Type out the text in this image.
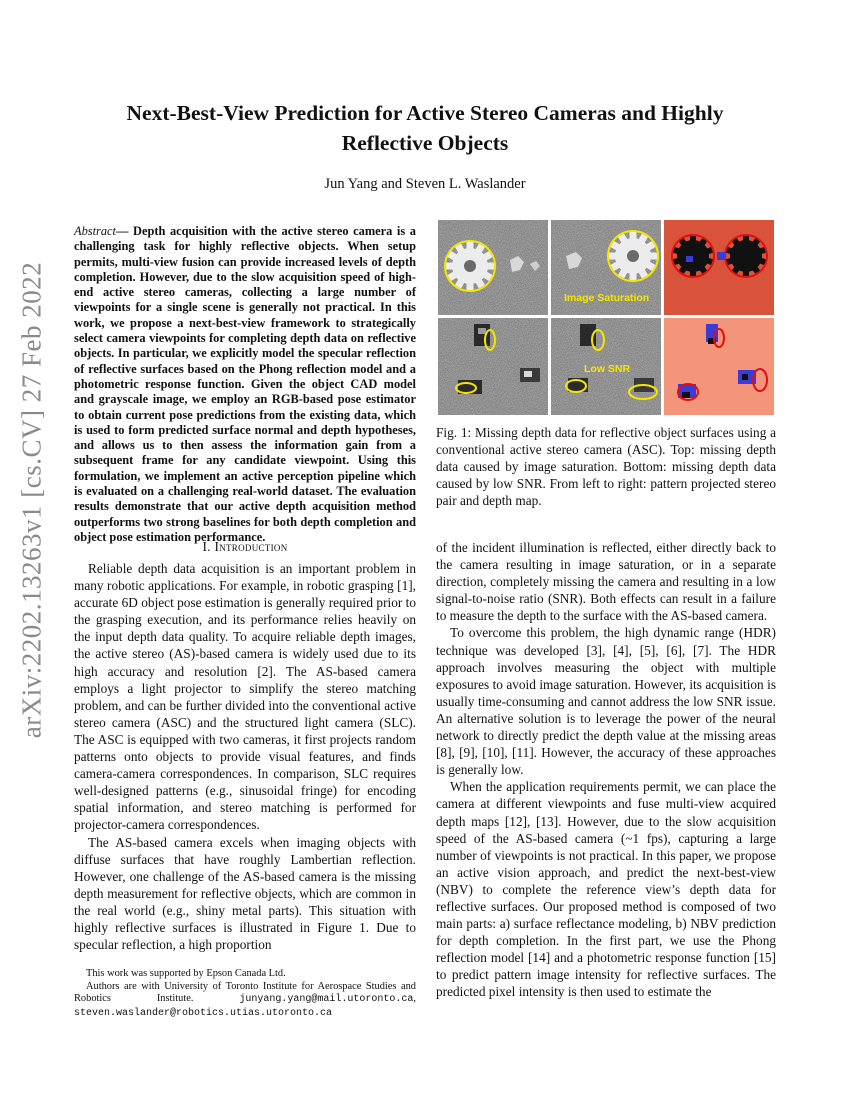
arXiv:2202.13263v1 [cs.CV] 27 Feb 2022
Next-Best-View Prediction for Active Stereo Cameras and Highly
Reflective Objects
Jun Yang and Steven L. Waslander
Abstract— Depth acquisition with the active stereo camera is a challenging task for highly reflective objects. When setup permits, multi-view fusion can provide increased levels of depth completion. However, due to the slow acquisition speed of high-end active stereo cameras, collecting a large number of viewpoints for a single scene is generally not practical. In this work, we propose a next-best-view framework to strategically select camera viewpoints for completing depth data on reflective objects. In particular, we explicitly model the specular reflection of reflective surfaces based on the Phong reflection model and a photometric response function. Given the object CAD model and grayscale image, we employ an RGB-based pose estimator to obtain current pose predictions from the existing data, which is used to form predicted surface normal and depth hypotheses, and allows us to then assess the information gain from a subsequent frame for any candidate viewpoint. Using this formulation, we implement an active perception pipeline which is evaluated on a challenging real-world dataset. The evaluation results demonstrate that our active depth acquisition method outperforms two strong baselines for both depth completion and object pose estimation performance.
I. Introduction

Reliable depth data acquisition is an important problem in many robotic applications. For example, in robotic grasping [1], accurate 6D object pose estimation is generally required prior to the grasping execution, and its performance relies heavily on the input depth data quality. To acquire reliable depth images, the active stereo (AS)-based camera is widely used due to its high accuracy and resolution [2]. The AS-based camera employs a light projector to simplify the stereo matching problem, and can be further divided into the conventional active stereo camera (ASC) and the structured light camera (SLC). The ASC is equipped with two cameras, it first projects random patterns onto objects to provide visual features, and finds camera-camera correspondences. In comparison, SLC requires well-designed patterns (e.g., sinusoidal fringe) for encoding spatial information, and stereo matching is performed for projector-camera correspondences.

The AS-based camera excels when imaging objects with diffuse surfaces that have roughly Lambertian reflection. However, one challenge of the AS-based camera is the missing depth measurement for reflective objects, which are common in the real world (e.g., shiny metal parts). This situation with highly reflective surfaces is illustrated in Figure 1. Due to specular reflection, a high proportion

This work was supported by Epson Canada Ltd.

Authors are with University of Toronto Institute for Aerospace Studies and Robotics Institute.	junyang.yang@mail.utoronto.ca, steven.waslander@robotics.utias.utoronto.ca

Image Saturation
Low SNR
Fig. 1: Missing depth data for reflective object surfaces using a conventional active stereo camera (ASC). Top: missing depth data caused by image saturation. Bottom: missing depth data caused by low SNR. From left to right: pattern projected stereo pair and depth map.

of the incident illumination is reflected, either directly back to the camera resulting in image saturation, or in a separate direction, completely missing the camera and resulting in a low signal-to-noise ratio (SNR). Both effects can result in a failure to measure the depth to the surface with the AS-based camera.

To overcome this problem, the high dynamic range (HDR) technique was developed [3], [4], [5], [6], [7]. The HDR approach involves measuring the object with multiple exposures to avoid image saturation. However, its acquisition is usually time-consuming and cannot address the low SNR issue. An alternative solution is to leverage the power of the neural network to directly predict the depth value at the missing areas [8], [9], [10], [11]. However, the accuracy of these approaches is generally low.

When the application requirements permit, we can place the camera at different viewpoints and fuse multi-view acquired depth maps [12], [13]. However, due to the slow acquisition speed of the AS-based camera (~1 fps), capturing a large number of viewpoints is not practical. In this paper, we propose an active vision approach, and predict the next-best-view (NBV) to complete the reference view’s depth data for reflective surfaces. Our proposed method is composed of two main parts: a) surface reflectance modeling, b) NBV prediction for depth completion. In the first part, we use the Phong reflection model [14] and a photometric response function [15] to predict pattern image intensity for reflective surfaces. The predicted pixel intensity is then used to estimate the
